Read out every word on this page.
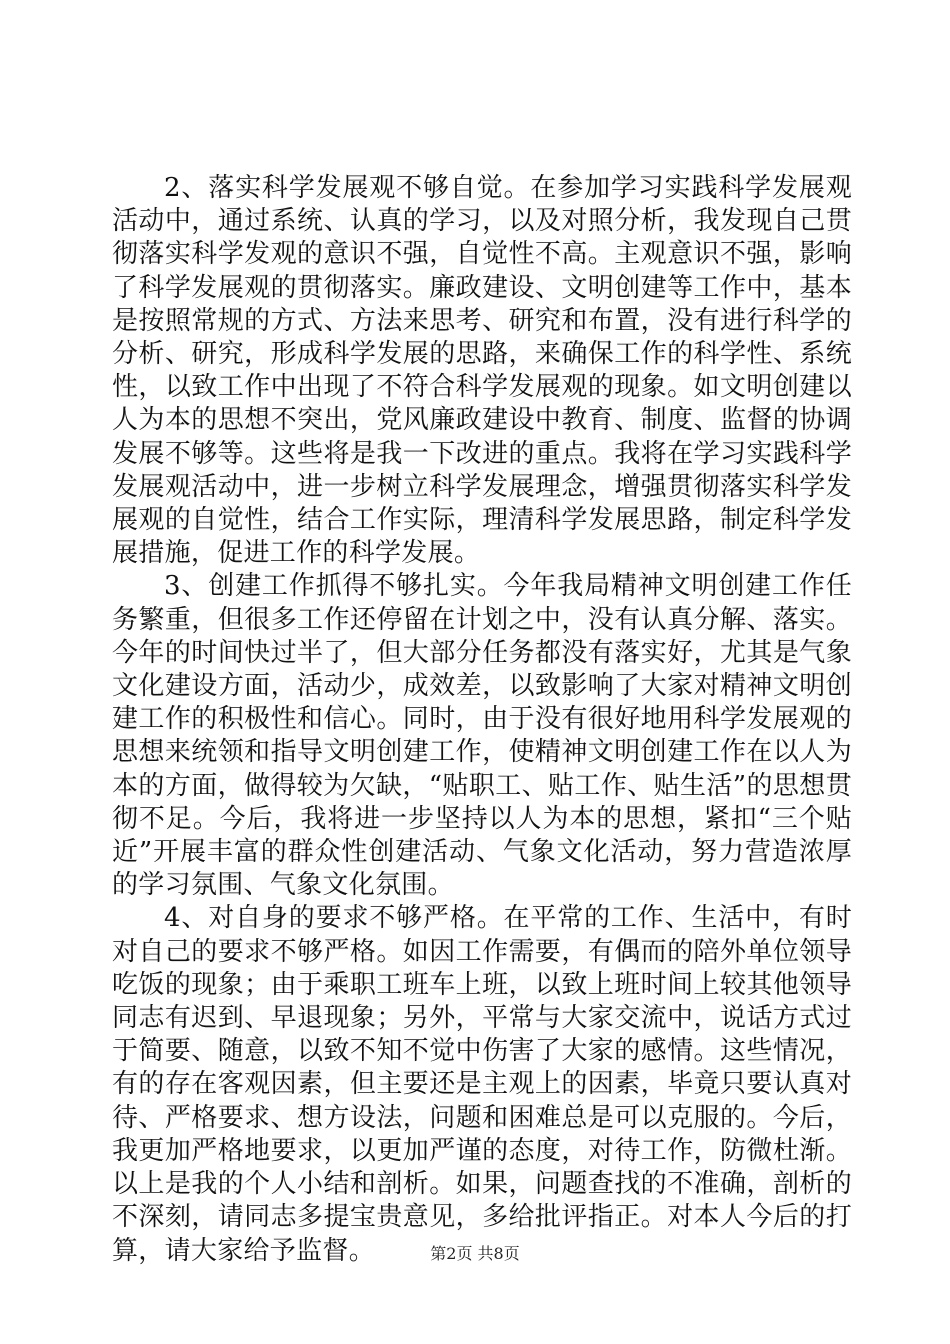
2、落实科学发展观不够自觉。在参加学习实践科学发展观活动中，通过系统、认真的学习，以及对照分析，我发现自己贯彻落实科学发观的意识不强，自觉性不高。主观意识不强，影响了科学发展观的贯彻落实。廉政建设、文明创建等工作中，基本是按照常规的方式、方法来思考、研究和布置，没有进行科学的分析、研究，形成科学发展的思路，来确保工作的科学性、系统性，以致工作中出现了不符合科学发展观的现象。如文明创建以人为本的思想不突出，党风廉政建设中教育、制度、监督的协调发展不够等。这些将是我一下改进的重点。我将在学习实践科学发展观活动中，进一步树立科学发展理念，增强贯彻落实科学发展观的自觉性，结合工作实际，理清科学发展思路，制定科学发展措施，促进工作的科学发展。

3、创建工作抓得不够扎实。今年我局精神文明创建工作任务繁重，但很多工作还停留在计划之中，没有认真分解、落实。今年的时间快过半了，但大部分任务都没有落实好，尤其是气象文化建设方面，活动少，成效差，以致影响了大家对精神文明创建工作的积极性和信心。同时，由于没有很好地用科学发展观的思想来统领和指导文明创建工作，使精神文明创建工作在以人为本的方面，做得较为欠缺，“贴职工、贴工作、贴生活”的思想贯彻不足。今后，我将进一步坚持以人为本的思想，紧扣“三个贴近”开展丰富的群众性创建活动、气象文化活动，努力营造浓厚的学习氛围、气象文化氛围。

4、对自身的要求不够严格。在平常的工作、生活中，有时对自己的要求不够严格。如因工作需要，有偶而的陪外单位领导吃饭的现象；由于乘职工班车上班，以致上班时间上较其他领导同志有迟到、早退现象；另外，平常与大家交流中，说话方式过于简要、随意，以致不知不觉中伤害了大家的感情。这些情况，有的存在客观因素，但主要还是主观上的因素，毕竟只要认真对待、严格要求、想方设法，问题和困难总是可以克服的。今后，我更加严格地要求，以更加严谨的态度，对待工作，防微杜渐。以上是我的个人小结和剖析。如果，问题查找的不准确，剖析的不深刻，请同志多提宝贵意见，多给批评指正。对本人今后的打算，请大家给予监督。	第2页 共8页
